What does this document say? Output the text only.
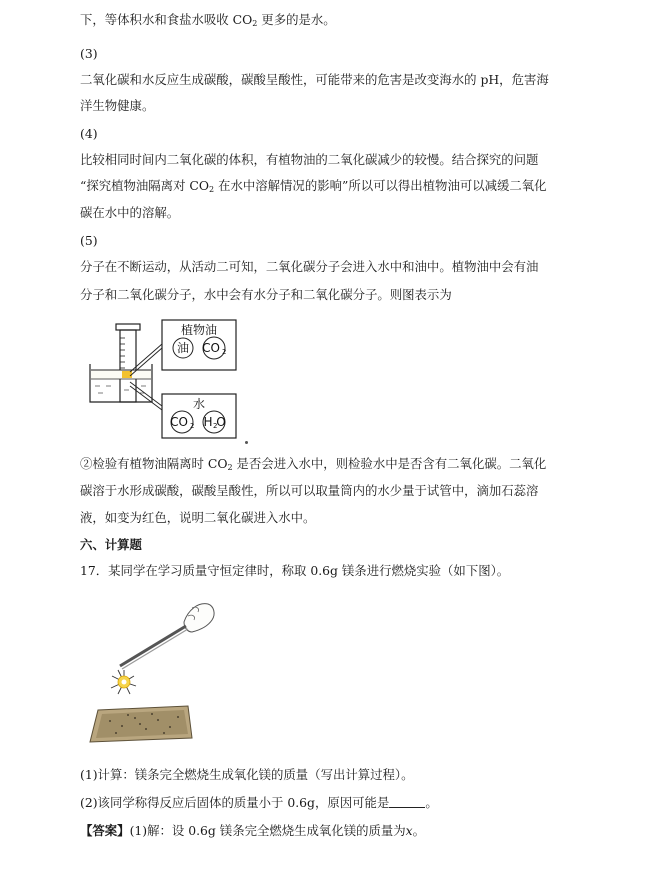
下，等体积水和食盐水吸收 $CO_2$ 更多的是水。
(3)
二氧化碳和水反应生成碳酸，碳酸呈酸性，可能带来的危害是改变海水的 pH，危害海
洋生物健康。
(4)
比较相同时间内二氧化碳的体积，有植物油的二氧化碳减少的较慢。结合探究的问题
“探究植物油隔离对 $CO_2$ 在水中溶解情况的影响”所以可以得出植物油可以减缓二氧化
碳在水中的溶解。
(5)
分子在不断运动，从活动二可知，二氧化碳分子会进入水中和油中。植物油中会有油
分子和二氧化碳分子，水中会有水分子和二氧化碳分子。则图表示为
植物油
油 CO 2
水
CO 2 H 2
O
②检验有植物油隔离时 $CO_2$ 是否会进入水中，则检验水中是否含有二氧化碳。二氧化
碳溶于水形成碳酸，碳酸呈酸性，所以可以取量筒内的水少量于试管中，滴加石蕊溶
液，如变为红色，说明二氧化碳进入水中。
六、计算题
17．某同学在学习质量守恒定律时，称取 0.6g 镁条进行燃烧实验（如下图）。
(1)计算：镁条完全燃烧生成氧化镁的质量（写出计算过程）。
(2)该同学称得反应后固体的质量小于 0.6g，原因可能是	。
【答案】(1)解：设 0.6g 镁条完全燃烧生成氧化镁的质量为x。
